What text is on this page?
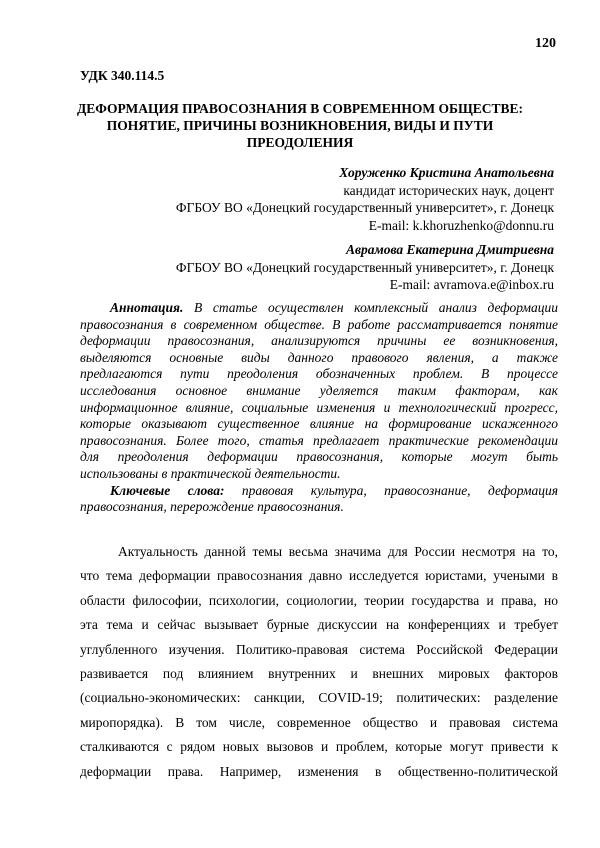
120
УДК 340.114.5
ДЕФОРМАЦИЯ ПРАВОСОЗНАНИЯ В СОВРЕМЕННОМ ОБЩЕСТВЕ:
ПОНЯТИЕ, ПРИЧИНЫ ВОЗНИКНОВЕНИЯ, ВИДЫ И ПУТИ
ПРЕОДОЛЕНИЯ
Хоруженко Кристина Анатольевна
кандидат исторических наук, доцент
ФГБОУ ВО «Донецкий государственный университет», г. Донецк
E-mail: k.khoruzhenko@donnu.ru
Аврамова Екатерина Дмитриевна
ФГБОУ ВО «Донецкий государственный университет», г. Донецк
E-mail: avramova.e@inbox.ru
Аннотация. В статье осуществлен комплексный анализ деформации
правосознания в современном обществе. В работе рассматривается понятие
деформации правосознания, анализируются причины ее возникновения,
выделяются основные виды данного правового явления, а также
предлагаются пути преодоления обозначенных проблем. В процессе
исследования основное внимание уделяется таким факторам, как
информационное влияние, социальные изменения и технологический прогресс,
которые оказывают существенное влияние на формирование искаженного
правосознания. Более того, статья предлагает практические рекомендации
для преодоления деформации правосознания, которые могут быть
использованы в практической деятельности.
Ключевые слова: правовая культура, правосознание, деформация
правосознания, перерождение правосознания.
Актуальность данной темы весьма значима для России несмотря на то,
что тема деформации правосознания давно исследуется юристами, учеными в
области философии, психологии, социологии, теории государства и права, но
эта тема и сейчас вызывает бурные дискуссии на конференциях и требует
углубленного изучения. Политико-правовая система Российской Федерации
развивается под влиянием внутренних и внешних мировых факторов
(социально-экономических: санкции, COVID-19; политических: разделение
миропорядка). В том числе, современное общество и правовая система
сталкиваются с рядом новых вызовов и проблем, которые могут привести к
деформации права. Например, изменения в общественно-политической
